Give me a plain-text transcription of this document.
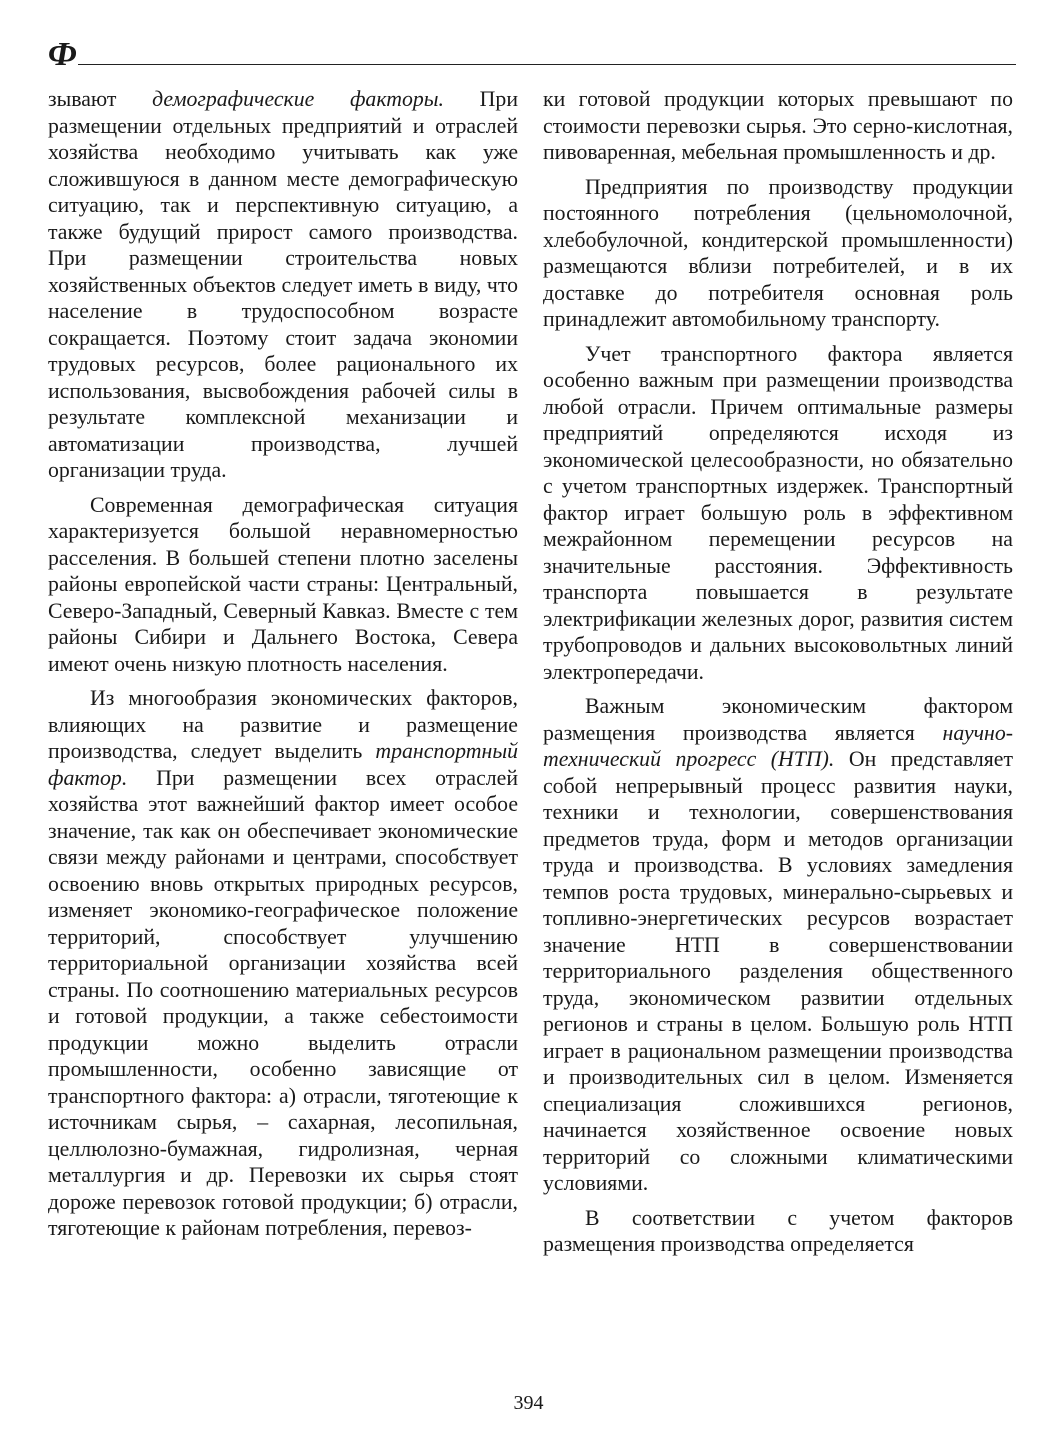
Ф

зывают демографические факторы. При размещении отдельных предприятий и отраслей хозяйства необходимо учитывать как уже сложившуюся в данном месте демографическую ситуацию, так и перспективную ситуацию, а также будущий прирост самого производства. При размещении строительства новых хозяйственных объектов следует иметь в виду, что население в трудоспособном возрасте сокращается. Поэтому стоит задача экономии трудовых ресурсов, более рационального их использования, высвобождения рабочей силы в результате комплексной механизации и автоматизации производства, лучшей организации труда.

Современная демографическая ситуация характеризуется большой неравномерностью расселения. В большей степени плотно заселены районы европейской части страны: Центральный, Северо-Западный, Северный Кавказ. Вместе с тем районы Сибири и Дальнего Востока, Севера имеют очень низкую плотность населения.

Из многообразия экономических факторов, влияющих на развитие и размещение производства, следует выделить транспортный фактор. При размещении всех отраслей хозяйства этот важнейший фактор имеет особое значение, так как он обеспечивает экономические связи между районами и центрами, способствует освоению вновь открытых природных ресурсов, изменяет экономико-географическое положение территорий, способствует улучшению территориальной организации хозяйства всей страны. По соотношению материальных ресурсов и готовой продукции, а также себестоимости продукции можно выделить отрасли промышленности, особенно зависящие от транспортного фактора: а) отрасли, тяготеющие к источникам сырья, – сахарная, лесопильная, целлюлозно-бумажная, гидролизная, черная металлургия и др. Перевозки их сырья стоят дороже перевозок готовой продукции; б) отрасли, тяготеющие к районам потребления, перевоз-

ки готовой продукции которых превышают по стоимости перевозки сырья. Это серно-кислотная, пивоваренная, мебельная промышленность и др.

Предприятия по производству продукции постоянного потребления (цельномолочной, хлебобулочной, кондитерской промышленности) размещаются вблизи потребителей, и в их доставке до потребителя основная роль принадлежит автомобильному транспорту.

Учет транспортного фактора является особенно важным при размещении производства любой отрасли. Причем оптимальные размеры предприятий определяются исходя из экономической целесообразности, но обязательно с учетом транспортных издержек. Транспортный фактор играет большую роль в эффективном межрайонном перемещении ресурсов на значительные расстояния. Эффективность транспорта повышается в результате электрификации железных дорог, развития систем трубопроводов и дальних высоковольтных линий электропередачи.

Важным экономическим фактором размещения производства является научно-технический прогресс (НТП). Он представляет собой непрерывный процесс развития науки, техники и технологии, совершенствования предметов труда, форм и методов организации труда и производства. В условиях замедления темпов роста трудовых, минерально-сырьевых и топливно-энергетических ресурсов возрастает значение НТП в совершенствовании территориального разделения общественного труда, экономическом развитии отдельных регионов и страны в целом. Большую роль НТП играет в рациональном размещении производства и производительных сил в целом. Изменяется специализация сложившихся регионов, начинается хозяйственное освоение новых территорий со сложными климатическими условиями.

В соответствии с учетом факторов размещения производства определяется

394
